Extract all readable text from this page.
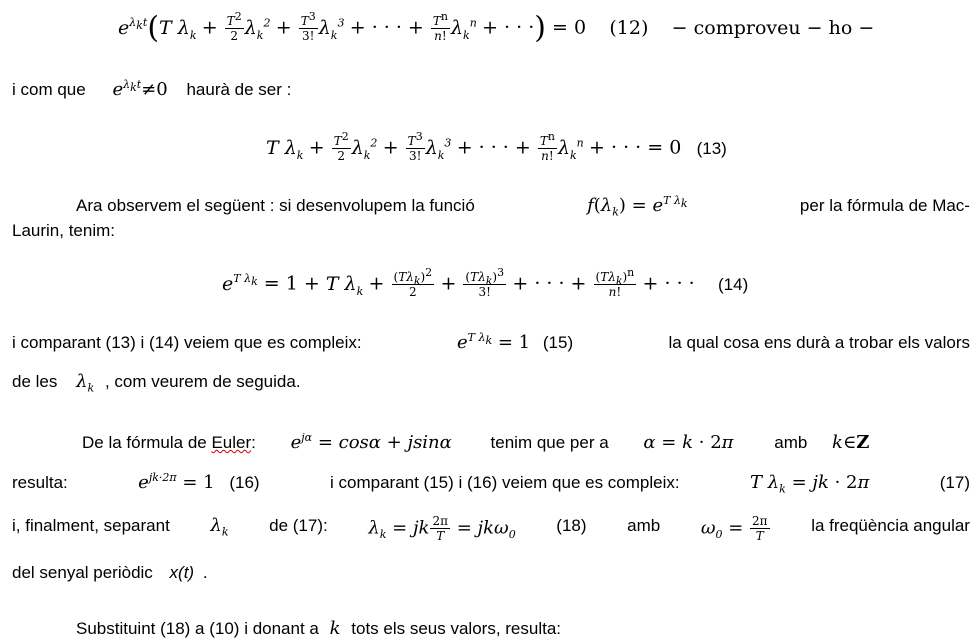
$e^{\lambda_kt}(T$ $\lambda_k + \frac{T^2}{2} \lambda_k^2 + \frac{T^3}{3!} \lambda_k^3$ + · · · + $\frac{T^n}{n!} \lambda_k^n$ + · · ·) = 0 (12) − comproveu − ho −
i com que $e^{\lambda_kt}\ne 0$ haurà de ser :
T $\lambda_k + \frac{T^2}{2} \lambda_k^2 + \frac{T^3}{3!} \lambda_k^3$ + · · · + $\frac{T^n}{n!} \lambda_k^n$ + · · · = 0 (13)
Ara observem el següent : si desenvolupem la funció	$f(\lambda_k) = e^{T \lambda_k}$	per la fórmula de Mac-
Laurin, tenim:
$e^{T \lambda_k} = 1 + T$ $\lambda_k + \frac{(T\lambda_k)^2}{2} + \frac{(T\lambda_k)^3}{3!}$ + · · · + $\frac{(T\lambda_k)^n}{n!}$ + · · · (14)
i comparant (13) i (14) veiem que es compleix:	$e^{T \lambda_k} = 1$ (15)	la qual cosa ens durà a trobar els valors
de les $\lambda_k$ , com veurem de seguida.
De la fórmula de Euler: $e^{j\alpha} = \cos\alpha + jsin\alpha$ tenim que per a α = k · 2π amb k∈Z
resulta:	$e^{jk\cdot 2\pi} = 1$ (16)	i comparant (15) i (16) veiem que es compleix:	T $\lambda_k$ = jk · 2π	(17)
i, finalment, separant $\lambda_k$ de (17): $\lambda_k$ = jk $\frac{2\pi}{T} = jk\omega_0$ (18) amb $\omega_0 = \frac{2\pi}{T}$ la freqüència angular
del senyal periòdic x(t) .
Substituint (18) a (10) i donant a k tots els seus valors, resulta:
